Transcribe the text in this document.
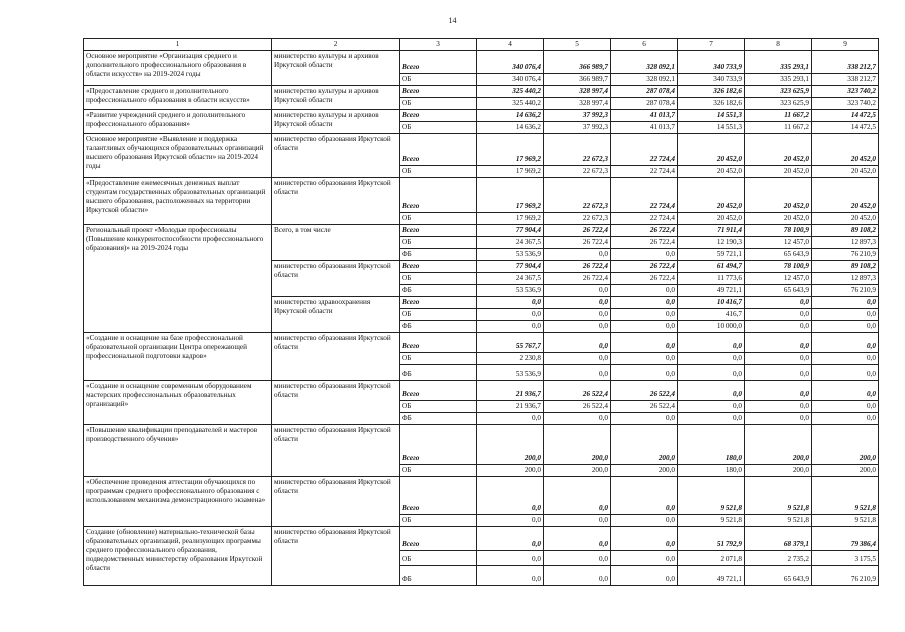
14
1	2	3	4	5	6	7	8	9
Основное мероприятие «Организация среднего и дополнительного профессионального образования в области искусств» на 2019-2024 годы	министерство культуры и архивов Иркутской области	Всего	340 076,4	366 989,7	328 092,1	340 733,9	335 293,1	338 212,7
		ОБ	340 076,4	366 989,7	328 092,1	340 733,9	335 293,1	338 212,7
«Предоставление среднего и дополнительного профессионального образования в области искусств»	министерство культуры и архивов Иркутской области	Всего	325 440,2	328 997,4	287 078,4	326 182,6	323 625,9	323 740,2
		ОБ	325 440,2	328 997,4	287 078,4	326 182,6	323 625,9	323 740,2
«Развитие учреждений среднего и дополнительного профессионального образования»	министерство культуры и архивов Иркутской области	Всего	14 636,2	37 992,3	41 013,7	14 551,3	11 667,2	14 472,5
		ОБ	14 636,2	37 992,3	41 013,7	14 551,3	11 667,2	14 472,5
Основное мероприятие «Выявление и поддержка талантливых обучающихся образовательных организаций высшего образования Иркутской области» на 2019-2024 годы	министерство образования Иркутской области	Всего	17 969,2	22 672,3	22 724,4	20 452,0	20 452,0	20 452,0
		ОБ	17 969,2	22 672,3	22 724,4	20 452,0	20 452,0	20 452,0
«Предоставление ежемесячных денежных выплат студентам государственных образовательных организаций высшего образования, расположенных на территории Иркутской области»	министерство образования Иркутской области	Всего	17 969,2	22 672,3	22 724,4	20 452,0	20 452,0	20 452,0
		ОБ	17 969,2	22 672,3	22 724,4	20 452,0	20 452,0	20 452,0
Региональный проект «Молодые профессионалы (Повышение конкурентоспособности профессионального образования)» на 2019-2024 годы	Всего, в том числе	Всего	77 904,4	26 722,4	26 722,4	71 911,4	78 100,9	89 108,2
		ОБ	24 367,5	26 722,4	26 722,4	12 190,3	12 457,0	12 897,3
		ФБ	53 536,9	0,0	0,0	59 721,1	65 643,9	76 210,9
	министерство образования Иркутской области	Всего	77 904,4	26 722,4	26 722,4	61 494,7	78 100,9	89 108,2
		ОБ	24 367,5	26 722,4	26 722,4	11 773,6	12 457,0	12 897,3
		ФБ	53 536,9	0,0	0,0	49 721,1	65 643,9	76 210,9
	министерство здравоохранения Иркутской области	Всего	0,0	0,0	0,0	10 416,7	0,0	0,0
		ОБ	0,0	0,0	0,0	416,7	0,0	0,0
		ФБ	0,0	0,0	0,0	10 000,0	0,0	0,0
«Создание и оснащение на базе профессиональной образовательной организации Центра опережающей профессиональной подготовки кадров»	министерство образования Иркутской области	Всего	55 767,7	0,0	0,0	0,0	0,0	0,0
		ОБ	2 230,8	0,0	0,0	0,0	0,0	0,0
		ФБ	53 536,9	0,0	0,0	0,0	0,0	0,0
«Создание и оснащение современным оборудованием мастерских профессиональных образовательных организаций»	министерство образования Иркутской области	Всего	21 936,7	26 522,4	26 522,4	0,0	0,0	0,0
		ОБ	21 936,7	26 522,4	26 522,4	0,0	0,0	0,0
		ФБ	0,0	0,0	0,0	0,0	0,0	0,0
«Повышение квалификации преподавателей и мастеров производственного обучения»	министерство образования Иркутской области	Всего	200,0	200,0	200,0	180,0	200,0	200,0
		ОБ	200,0	200,0	200,0	180,0	200,0	200,0
«Обеспечение проведения аттестации обучающихся по программам среднего профессионального образования с использованием механизма демонстрационного экзамена»	министерство образования Иркутской области	Всего	0,0	0,0	0,0	9 521,8	9 521,8	9 521,8
		ОБ	0,0	0,0	0,0	9 521,8	9 521,8	9 521,8
Создание (обновление) материально-технической базы образовательных организаций, реализующих программы среднего профессионального образования, подведомственных министерству образования Иркутской области	министерство образования Иркутской области	Всего	0,0	0,0	0,0	51 792,9	68 379,1	79 386,4
		ОБ	0,0	0,0	0,0	2 071,8	2 735,2	3 175,5
		ФБ	0,0	0,0	0,0	49 721,1	65 643,9	76 210,9
